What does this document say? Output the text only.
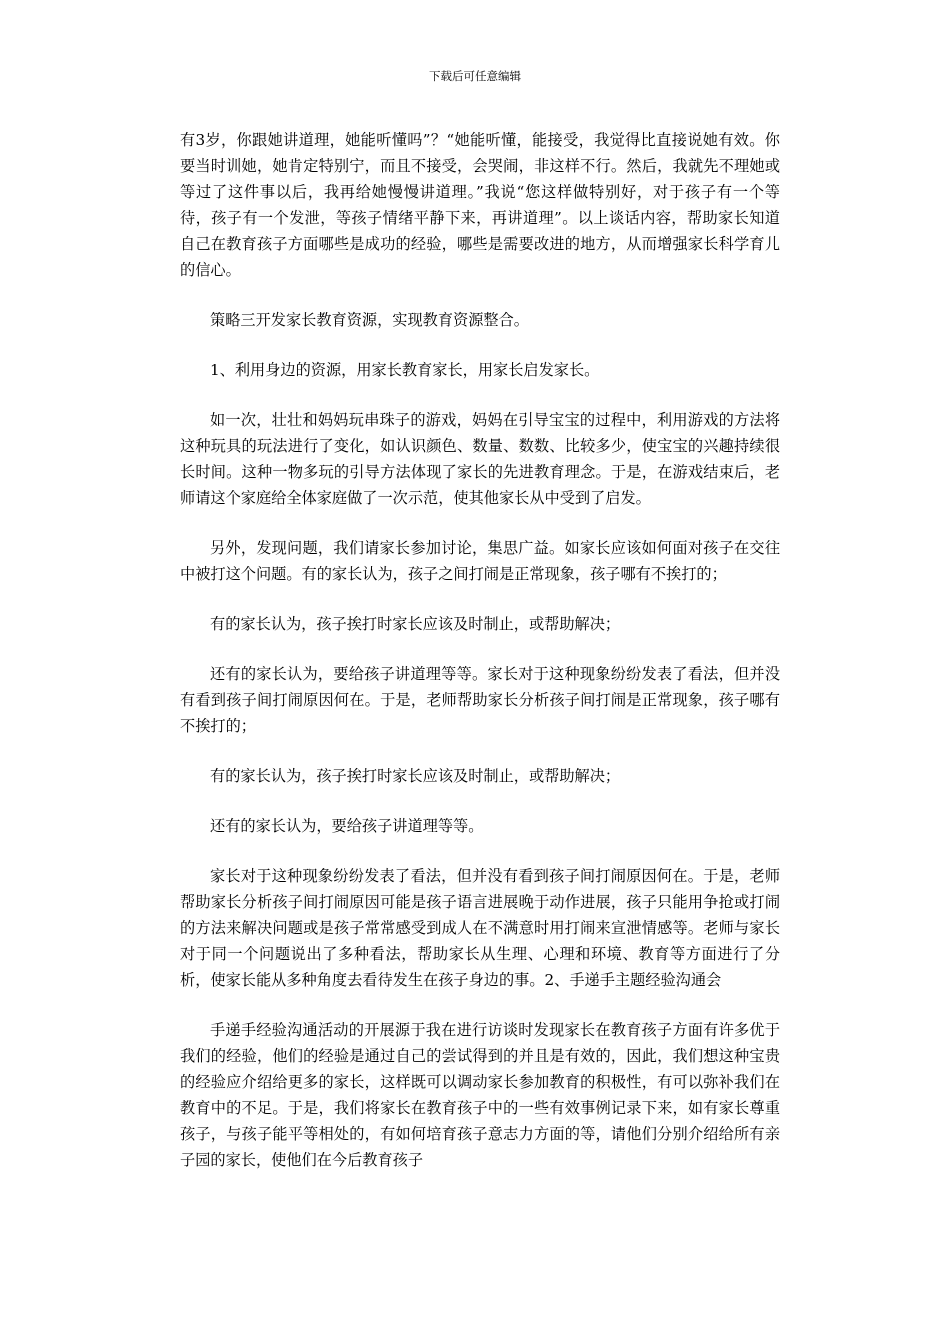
下载后可任意编辑

有3岁，你跟她讲道理，她能听懂吗”？“她能听懂，能接受，我觉得比直接说她有效。你要当时训她，她肯定特别宁，而且不接受，会哭闹，非这样不行。然后，我就先不理她或等过了这件事以后，我再给她慢慢讲道理。”我说“您这样做特别好，对于孩子有一个等待，孩子有一个发泄，等孩子情绪平静下来，再讲道理”。以上谈话内容，帮助家长知道自己在教育孩子方面哪些是成功的经验，哪些是需要改进的地方，从而增强家长科学育儿的信心。

策略三开发家长教育资源，实现教育资源整合。

1、利用身边的资源，用家长教育家长，用家长启发家长。

如一次，壮壮和妈妈玩串珠子的游戏，妈妈在引导宝宝的过程中，利用游戏的方法将这种玩具的玩法进行了变化，如认识颜色、数量、数数、比较多少，使宝宝的兴趣持续很长时间。这种一物多玩的引导方法体现了家长的先进教育理念。于是，在游戏结束后，老师请这个家庭给全体家庭做了一次示范，使其他家长从中受到了启发。

另外，发现问题，我们请家长参加讨论，集思广益。如家长应该如何面对孩子在交往中被打这个问题。有的家长认为，孩子之间打闹是正常现象，孩子哪有不挨打的；

有的家长认为，孩子挨打时家长应该及时制止，或帮助解决；

还有的家长认为，要给孩子讲道理等等。家长对于这种现象纷纷发表了看法，但并没有看到孩子间打闹原因何在。于是，老师帮助家长分析孩子间打闹是正常现象，孩子哪有不挨打的；

有的家长认为，孩子挨打时家长应该及时制止，或帮助解决；

还有的家长认为，要给孩子讲道理等等。

家长对于这种现象纷纷发表了看法，但并没有看到孩子间打闹原因何在。于是，老师帮助家长分析孩子间打闹原因可能是孩子语言进展晚于动作进展，孩子只能用争抢或打闹的方法来解决问题或是孩子常常感受到成人在不满意时用打闹来宣泄情感等。老师与家长对于同一个问题说出了多种看法，帮助家长从生理、心理和环境、教育等方面进行了分析，使家长能从多种角度去看待发生在孩子身边的事。2、手递手主题经验沟通会

手递手经验沟通活动的开展源于我在进行访谈时发现家长在教育孩子方面有许多优于我们的经验，他们的经验是通过自己的尝试得到的并且是有效的，因此，我们想这种宝贵的经验应介绍给更多的家长，这样既可以调动家长参加教育的积极性，有可以弥补我们在教育中的不足。于是，我们将家长在教育孩子中的一些有效事例记录下来，如有家长尊重孩子，与孩子能平等相处的，有如何培育孩子意志力方面的等，请他们分别介绍给所有亲子园的家长，使他们在今后教育孩子
